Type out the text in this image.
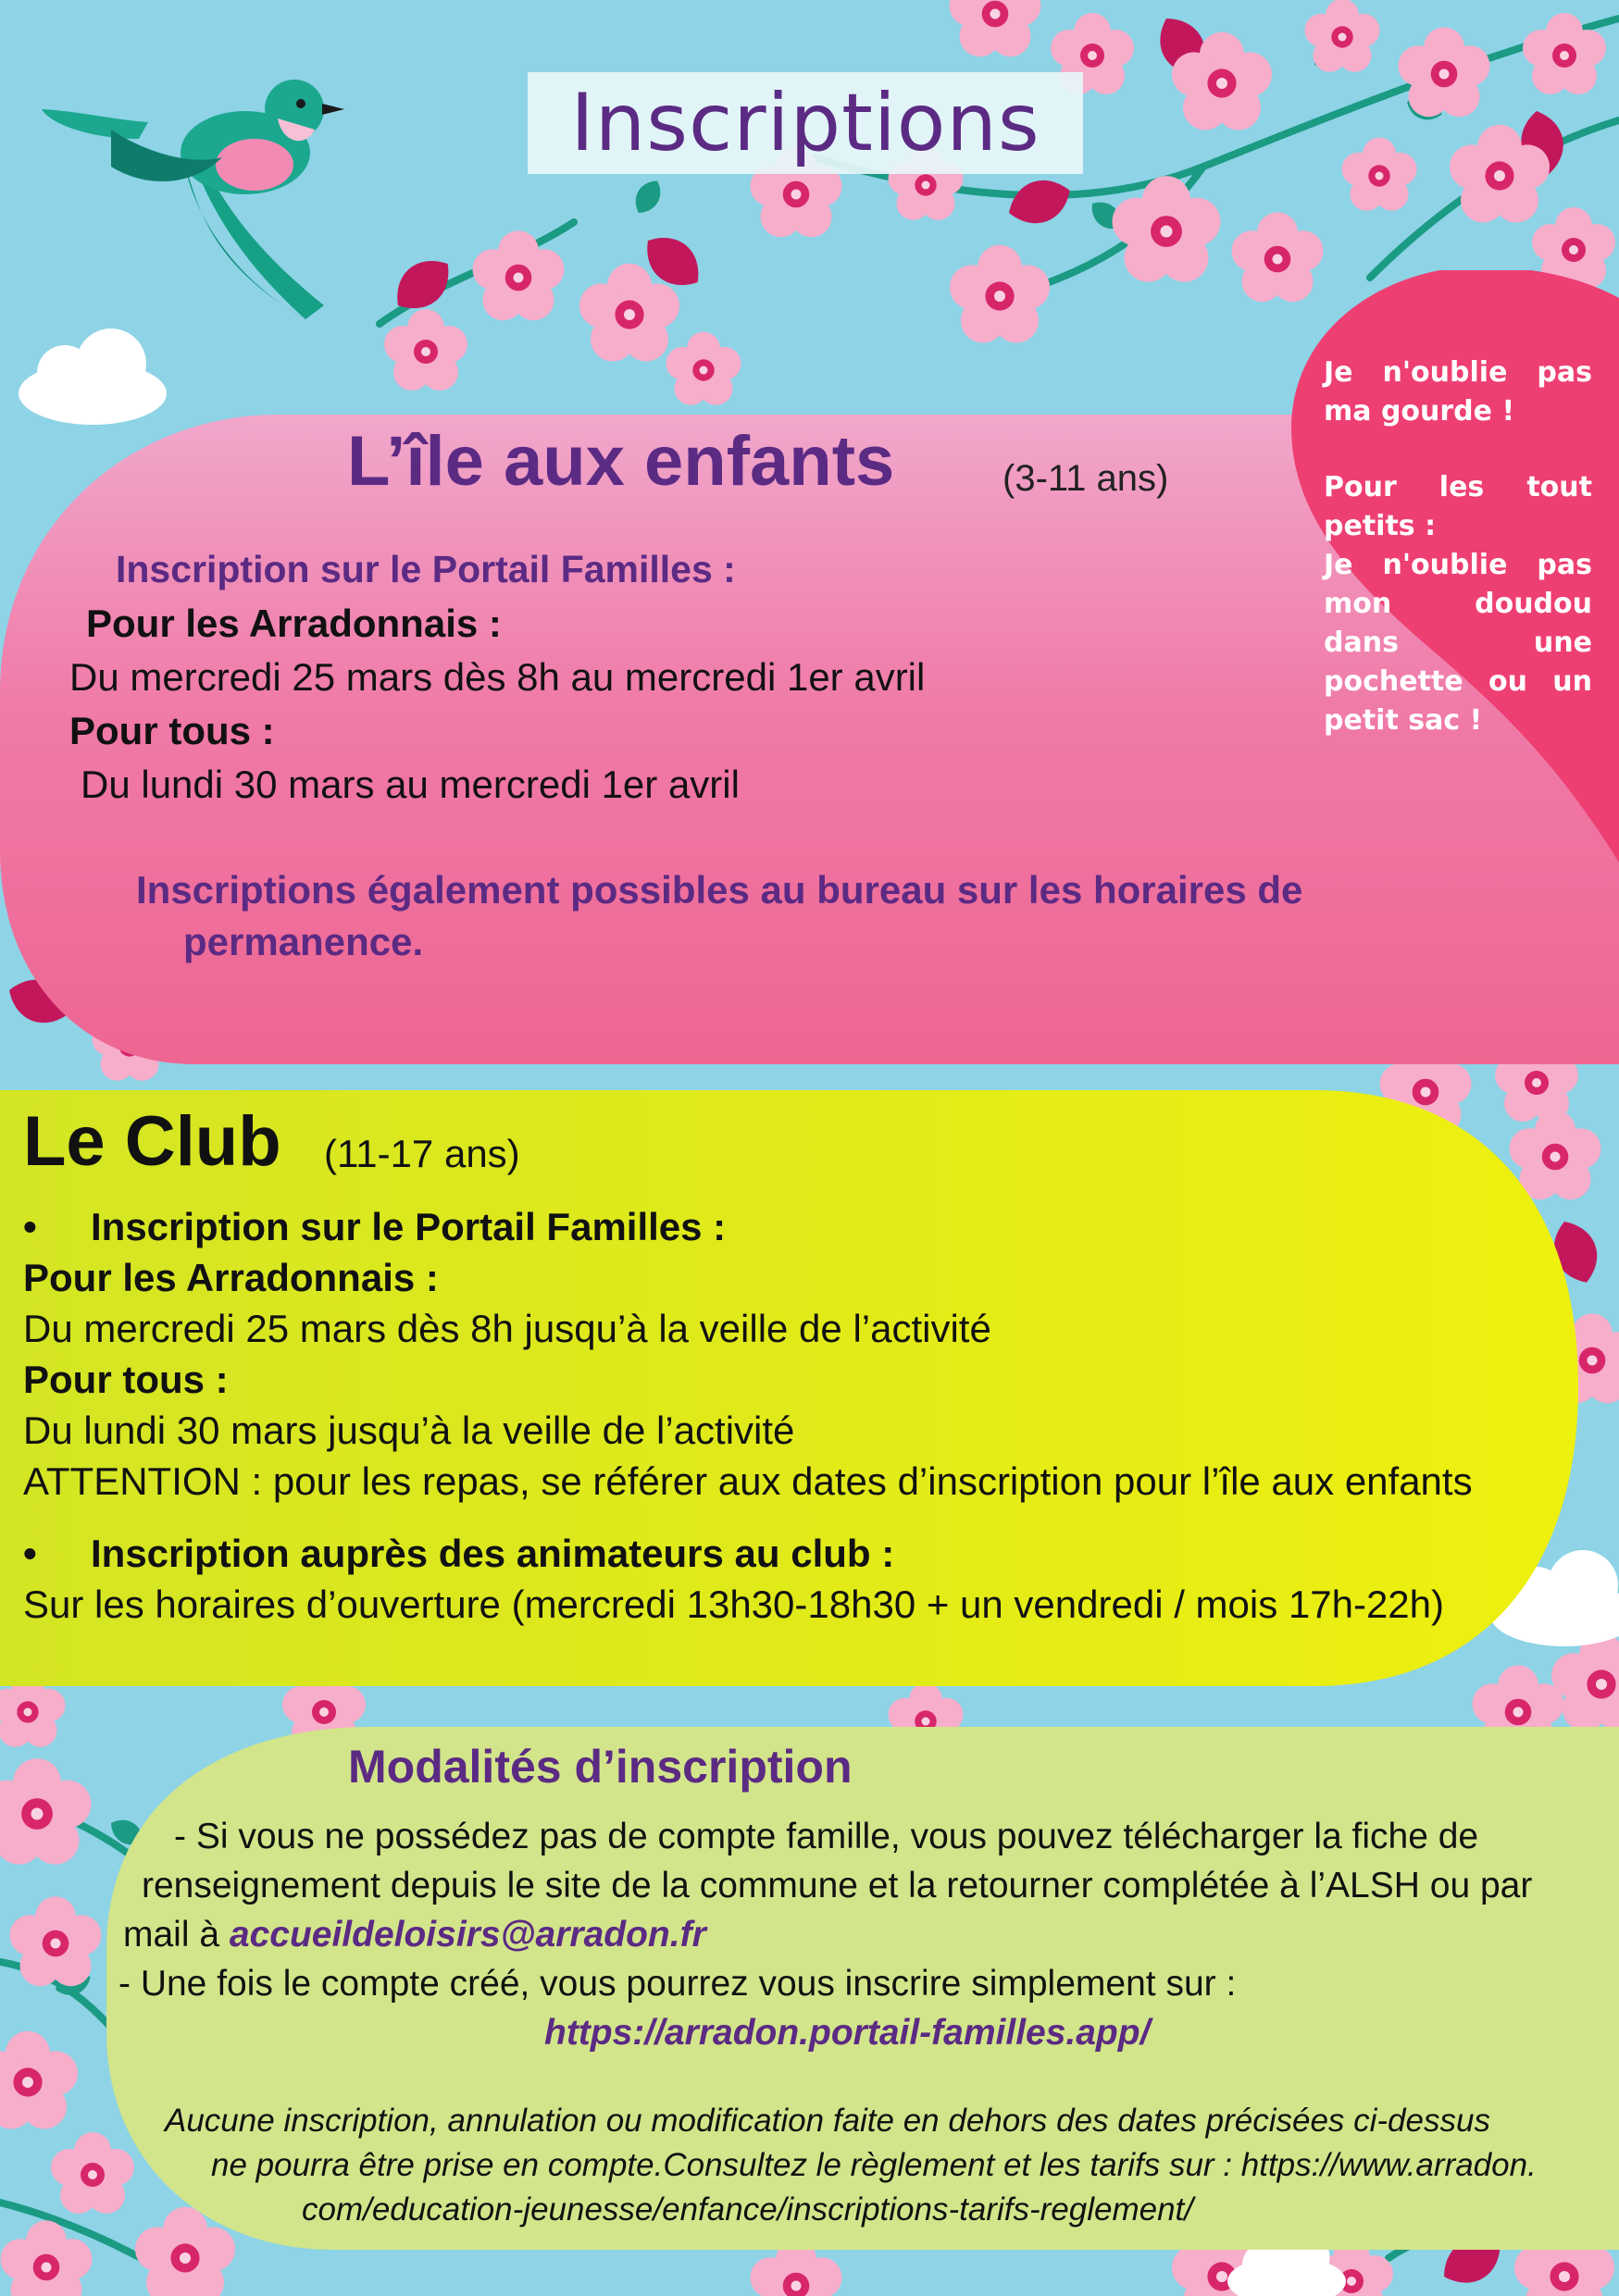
Inscriptions

Je n'oublie pas ma gourde !

Pour les tout petits :

Je n'oublie pas mon doudou dans une pochette ou un petit sac !

L’île aux enfants	(3-11 ans)
Inscription sur le Portail Familles :
Pour les Arradonnais :
Du mercredi 25 mars dès 8h au mercredi 1er avril
Pour tous :
Du lundi 30 mars au mercredi 1er avril
Inscriptions également possibles au bureau sur les horaires de
permanence.
Le Club (11-17 ans)
• Inscription sur le Portail Familles :
Pour les Arradonnais :
Du mercredi 25 mars dès 8h jusqu’à la veille de l’activité
Pour tous :
Du lundi 30 mars jusqu’à la veille de l’activité
ATTENTION : pour les repas, se référer aux dates d’inscription pour l’île aux enfants
• Inscription auprès des animateurs au club :
Sur les horaires d’ouverture (mercredi 13h30-18h30 + un vendredi / mois 17h-22h)
Modalités d’inscription
- Si vous ne possédez pas de compte famille, vous pouvez télécharger la fiche de
renseignement depuis le site de la commune et la retourner complétée à l’ALSH ou par
mail à accueildeloisirs@arradon.fr
- Une fois le compte créé, vous pourrez vous inscrire simplement sur :
https://arradon.portail-familles.app/
Aucune inscription, annulation ou modification faite en dehors des dates précisées ci-dessus
ne pourra être prise en compte.Consultez le règlement et les tarifs sur : https://www.arradon.
com/education-jeunesse/enfance/inscriptions-tarifs-reglement/
